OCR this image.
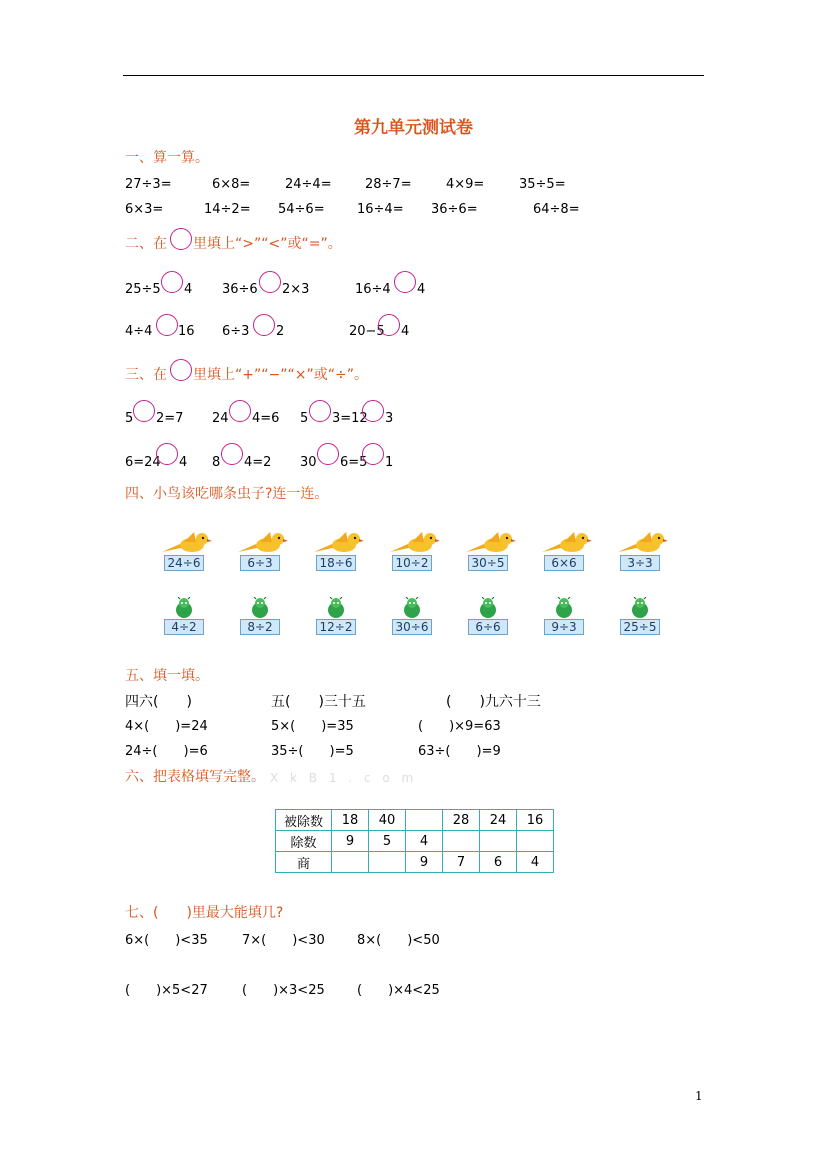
第九单元测试卷
一、算一算。
27÷3=	6×8=	24÷4=	28÷7=	4×9=	35÷5=
6×3=	14÷2= 54÷6= 16÷4= 36÷6=	64÷8=
二、在 里填上“>”“<”或“=”。
25÷5 4 36÷6 2×3	16÷4 4
4÷4 16 6÷3 2	20−5 4
三、在 里填上“+”“−”“×”或“÷”。
5 2=7 24 4=6 5 3=12 3
6=24 4 8 4=2 30 6=5 1
四、小鸟该吃哪条虫子?连一连。
24÷6	6÷3	18÷6	10÷2	30÷5	6×6	3÷3
4÷2	8÷2	12÷2	30÷6	6÷6	9÷3	25÷5
五、填一填。
四六(　　)	五(　　)三十五	(　　)九六十三
4×(　　)=24	5×(　　)=35	(　　)×9=63
24÷(　　)=6	35÷(　　)=5	63÷(　　)=9
六、把表格填写完整。 X k B 1 . c o m
被除数	18	40		28	24	16
除数	9	5	4			
商			9	7	6	4
七、(　　)里最大能填几?
6×(　　)<35	7×(　　)<30 8×(　　)<50
(　　)×5<27	(　　)×3<25 (　　)×4<25
1
